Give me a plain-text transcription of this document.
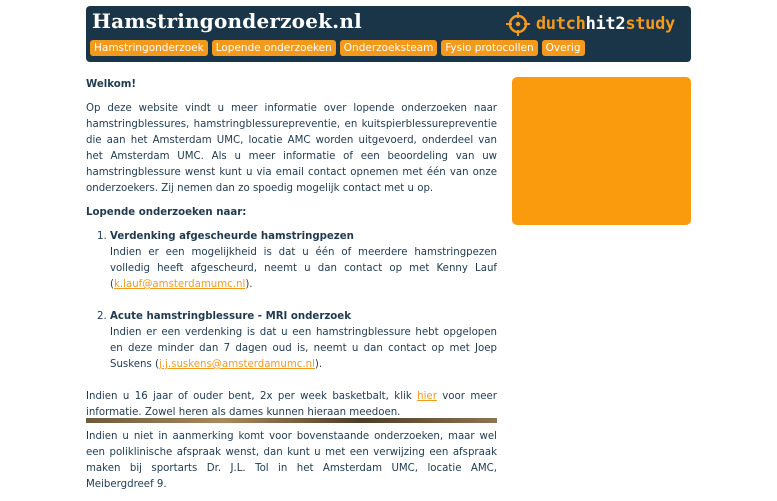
Hamstringonderzoek.nl	dutchhit2study
Hamstringonderzoek	Lopende onderzoeken	Onderzoeksteam	Fysio protocollen	Overig
Welkom!

Op deze website vindt u meer informatie over lopende onderzoeken naar hamstringblessures, hamstringblessurepreventie, en kuitspierblessurepreventie die aan het Amsterdam UMC, locatie AMC worden uitgevoerd, onderdeel van het Amsterdam UMC. Als u meer informatie of een beoordeling van uw hamstringblessure wenst kunt u via email contact opnemen met één van onze onderzoekers. Zij nemen dan zo spoedig mogelijk contact met u op.

Lopende onderzoeken naar:
1. Verdenking afgescheurde hamstringpezen
Indien er een mogelijkheid is dat u één of meerdere hamstringpezen volledig heeft afgescheurd, neemt u dan contact op met Kenny Lauf (k.lauf@amsterdamumc.nl).
2. Acute hamstringblessure - MRI onderzoek
Indien er een verdenking is dat u een hamstringblessure hebt opgelopen en deze minder dan 7 dagen oud is, neemt u dan contact op met Joep Suskens (j.j.suskens@amsterdamumc.nl).

Indien u 16 jaar of ouder bent, 2x per week basketbalt, klik hier voor meer informatie. Zowel heren als dames kunnen hieraan meedoen.

Indien u niet in aanmerking komt voor bovenstaande onderzoeken, maar wel een poliklinische afspraak wenst, dan kunt u met een verwijzing een afspraak maken bij sportarts Dr. J.L. Tol in het Amsterdam UMC, locatie AMC, Meibergdreef 9.
